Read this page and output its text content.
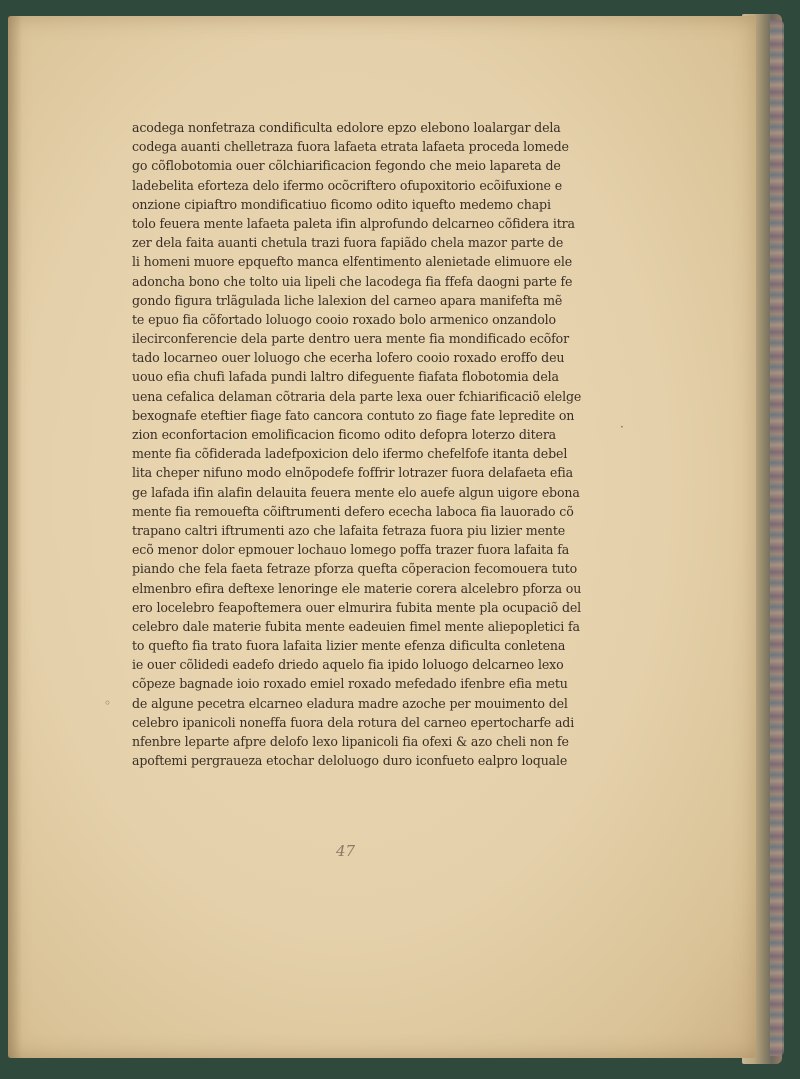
acodega nonfetraza condificulta edolore epzo elebono loalargar dela
codega auanti chelletraza fuora lafaeta etrata lafaeta proceda lomede
go cõflobotomia ouer cõlchiarificacion fegondo che meio lapareta de
ladebelita eforteza delo ifermo ocõcriftero ofupoxitorio ecõifuxione e
onzione cipiaftro mondificatiuo ficomo odito iquefto medemo chapi
tolo feuera mente lafaeta paleta ifin alprofundo delcarneo cõfidera itra
zer dela faita auanti chetula trazi fuora fapiãdo chela mazor parte de
li homeni muore epquefto manca elfentimento alenietade elimuore ele
adoncha bono che tolto uia lipeli che lacodega fia ffefa daogni parte fe
gondo figura trlãgulada liche lalexion del carneo apara manifefta mẽ
te epuo fia cõfortado loluogo cooio roxado bolo armenico onzandolo
ilecirconferencie dela parte dentro uera mente fia mondificado ecõfor
tado locarneo ouer loluogo che ecerha lofero cooio roxado eroffo deu
uouo efia chufi lafada pundi laltro difeguente fiafata flobotomia dela
uena cefalica delaman cõtraria dela parte lexa ouer fchiarificaciõ elelge
bexognafe eteftier fiage fato cancora contuto zo fiage fate lepredite on
zion econfortacion emolificacion ficomo odito defopra loterzo ditera
mente fia cõfiderada ladefpoxicion delo ifermo chefelfofe itanta debel
lita cheper nifuno modo elnõpodefe foffrir lotrazer fuora delafaeta efia
ge lafada ifin alafin delauita feuera mente elo auefe algun uigore ebona
mente fia remouefta cõiftrumenti defero ececha laboca fia lauorado cõ
trapano caltri iftrumenti azo che lafaita fetraza fuora piu lizier mente
ecõ menor dolor epmouer lochauo lomego poffa trazer fuora lafaita fa
piando che fela faeta fetraze pforza quefta cõperacion fecomouera tuto
elmenbro efira deftexe lenoringe ele materie corera alcelebro pforza ou
ero locelebro feapoftemera ouer elmurira fubita mente pla ocupaciõ del
celebro dale materie fubita mente eadeuien fimel mente aliepopletici fa
to quefto fia trato fuora lafaita lizier mente efenza dificulta conletena
ie ouer cõlidedi eadefo driedo aquelo fia ipido loluogo delcarneo lexo
cõpeze bagnade ioio roxado emiel roxado mefedado ifenbre efia metu
de algune pecetra elcarneo eladura madre azoche per mouimento del
celebro ipanicoli noneffa fuora dela rotura del carneo epertocharfe adi
nfenbre leparte afpre delofo lexo lipanicoli fia ofexi & azo cheli non fe
apoftemi pergraueza etochar deloluogo duro iconfueto ealpro loquale
47
◦
·
